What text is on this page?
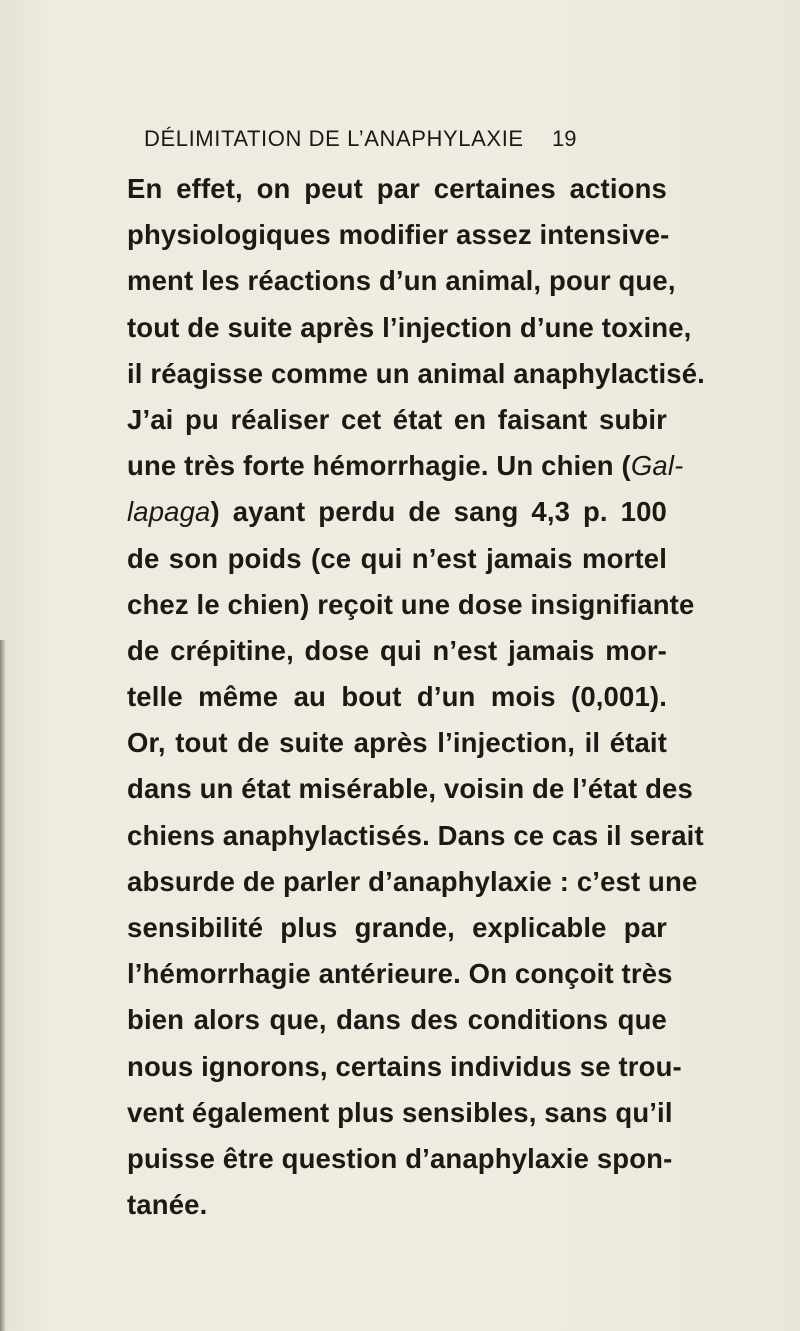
DÉLIMITATION DE L’ANAPHYLAXIE 19
En effet, on peut par certaines actions
physiologiques modifier assez intensive-
ment les réactions d’un animal, pour que,
tout de suite après l’injection d’une toxine,
il réagisse comme un animal anaphylactisé.
J’ai pu réaliser cet état en faisant subir
une très forte hémorrhagie. Un chien (Gal-
lapaga) ayant perdu de sang 4,3 p. 100
de son poids (ce qui n’est jamais mortel
chez le chien) reçoit une dose insignifiante
de crépitine, dose qui n’est jamais mor-
telle même au bout d’un mois (0,001).
Or, tout de suite après l’injection, il était
dans un état misérable, voisin de l’état des
chiens anaphylactisés. Dans ce cas il serait
absurde de parler d’anaphylaxie : c’est une
sensibilité plus grande, explicable par
l’hémorrhagie antérieure. On conçoit très
bien alors que, dans des conditions que
nous ignorons, certains individus se trou-
vent également plus sensibles, sans qu’il
puisse être question d’anaphylaxie spon-
tanée.
